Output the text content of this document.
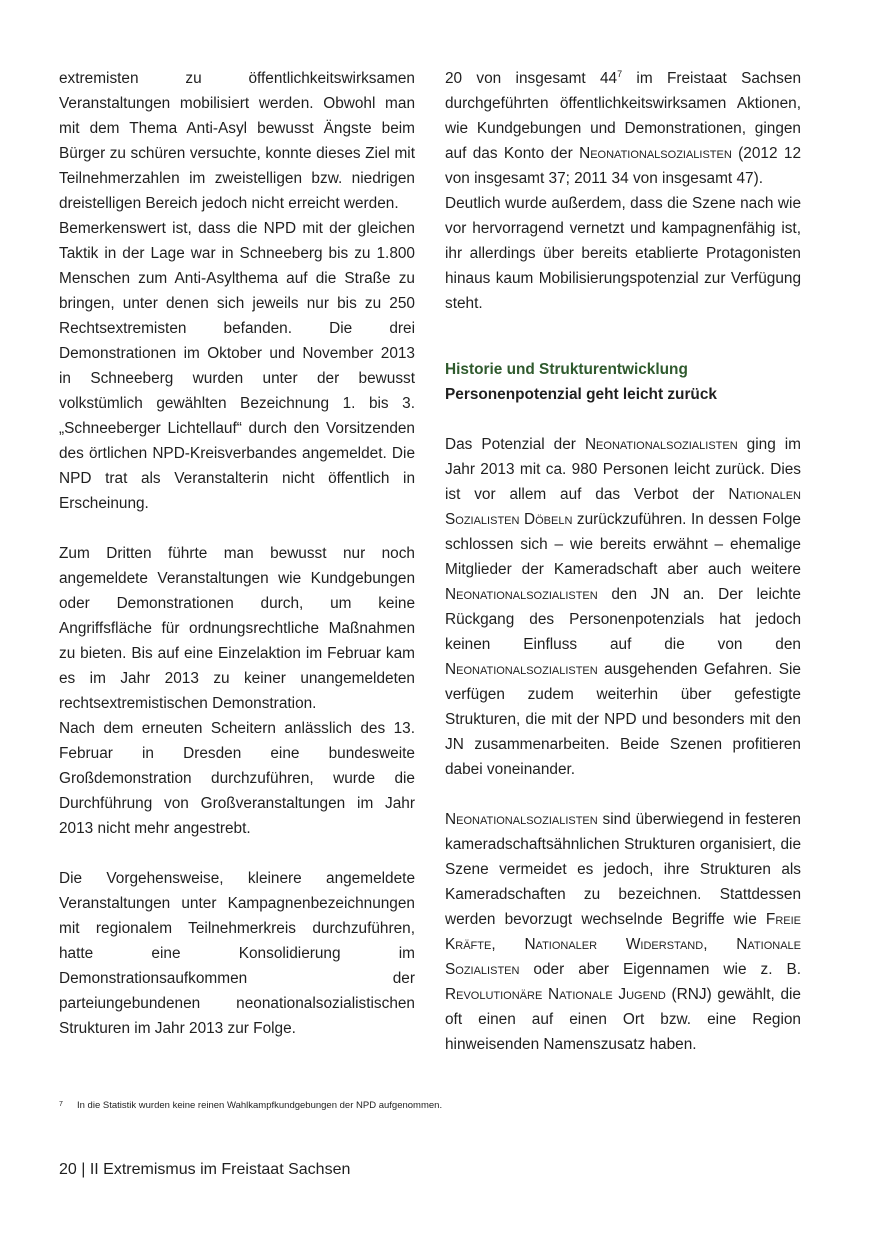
extremisten zu öffentlichkeitswirksamen Veranstaltungen mobilisiert werden. Obwohl man mit dem Thema Anti-Asyl bewusst Ängste beim Bürger zu schüren versuchte, konnte dieses Ziel mit Teilnehmerzahlen im zweistelligen bzw. niedrigen dreistelligen Bereich jedoch nicht erreicht werden.

Bemerkenswert ist, dass die NPD mit der gleichen Taktik in der Lage war in Schneeberg bis zu 1.800 Menschen zum Anti-Asylthema auf die Straße zu bringen, unter denen sich jeweils nur bis zu 250 Rechtsextremisten befanden. Die drei Demonstrationen im Oktober und November 2013 in Schneeberg wurden unter der bewusst volkstümlich gewählten Bezeichnung 1. bis 3. „Schneeberger Lichtellauf“ durch den Vorsitzenden des örtlichen NPD-Kreisverbandes angemeldet. Die NPD trat als Veranstalterin nicht öffentlich in Erscheinung.

Zum Dritten führte man bewusst nur noch angemeldete Veranstaltungen wie Kundgebungen oder Demonstrationen durch, um keine Angriffsfläche für ordnungsrechtliche Maßnahmen zu bieten. Bis auf eine Einzelaktion im Februar kam es im Jahr 2013 zu keiner unangemeldeten rechtsextremistischen Demonstration.

Nach dem erneuten Scheitern anlässlich des 13. Februar in Dresden eine bundesweite Großdemonstration durchzuführen, wurde die Durchführung von Großveranstaltungen im Jahr 2013 nicht mehr angestrebt.

Die Vorgehensweise, kleinere angemeldete Veranstaltungen unter Kampagnenbezeichnungen mit regionalem Teilnehmerkreis durchzuführen, hatte eine Konsolidierung im Demonstrationsaufkommen der parteiungebundenen neonationalsozialistischen Strukturen im Jahr 2013 zur Folge.

20 von insgesamt $44^7$ im Freistaat Sachsen durchgeführten öffentlichkeitswirksamen Aktionen, wie Kundgebungen und Demonstrationen, gingen auf das Konto der Neonationalsozialisten (2012 12 von insgesamt 37; 2011 34 von insgesamt 47).

Deutlich wurde außerdem, dass die Szene nach wie vor hervorragend vernetzt und kampagnenfähig ist, ihr allerdings über bereits etablierte Protagonisten hinaus kaum Mobilisierungspotenzial zur Verfügung steht.

Historie und Strukturentwicklung
Personenpotenzial geht leicht zurück

Das Potenzial der Neonationalsozialisten ging im Jahr 2013 mit ca. 980 Personen leicht zurück. Dies ist vor allem auf das Verbot der Nationalen Sozialisten Döbeln zurückzuführen. In dessen Folge schlossen sich – wie bereits erwähnt – ehemalige Mitglieder der Kameradschaft aber auch weitere Neonationalsozialisten den JN an. Der leichte Rückgang des Personenpotenzials hat jedoch keinen Einfluss auf die von den Neonationalsozialisten ausgehenden Gefahren. Sie verfügen zudem weiterhin über gefestigte Strukturen, die mit der NPD und besonders mit den JN zusammenarbeiten. Beide Szenen profitieren dabei voneinander.

Neonationalsozialisten sind überwiegend in festeren kameradschaftsähnlichen Strukturen organisiert, die Szene vermeidet es jedoch, ihre Strukturen als Kameradschaften zu bezeichnen. Stattdessen werden bevorzugt wechselnde Begriffe wie Freie Kräfte, Nationaler Widerstand, Nationale Sozialisten oder aber Eigennamen wie z. B. Revolutionäre Nationale Jugend (RNJ) gewählt, die oft einen auf einen Ort bzw. eine Region hinweisenden Namenszusatz haben.

7 In die Statistik wurden keine reinen Wahlkampfkundgebungen der NPD aufgenommen.
20 | II Extremismus im Freistaat Sachsen
